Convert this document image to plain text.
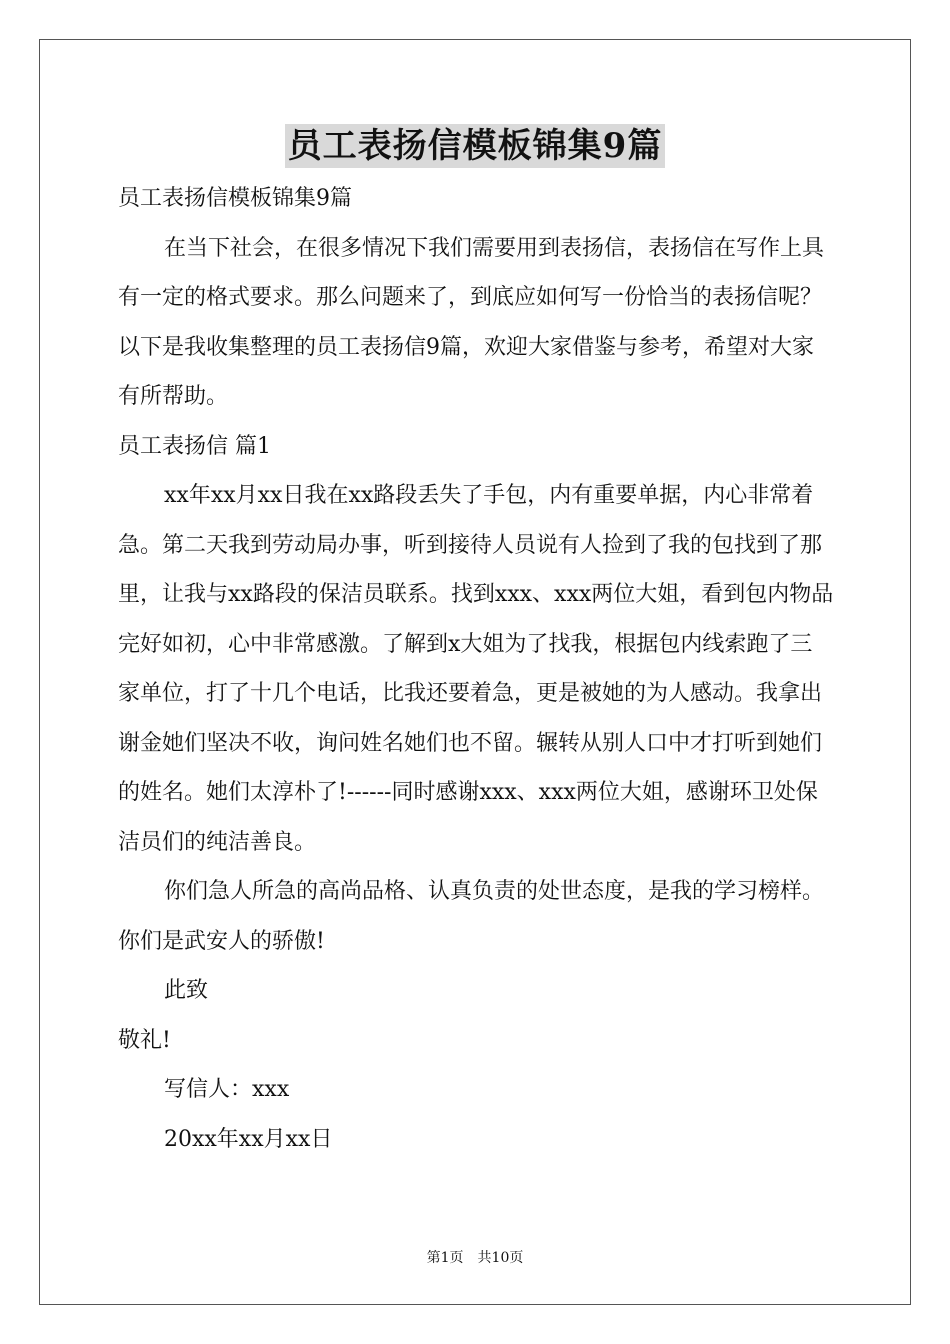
员工表扬信模板锦集9篇

员工表扬信模板锦集9篇

在当下社会，在很多情况下我们需要用到表扬信，表扬信在写作上具有一定的格式要求。那么问题来了，到底应如何写一份恰当的表扬信呢？以下是我收集整理的员工表扬信9篇，欢迎大家借鉴与参考，希望对大家有所帮助。

员工表扬信 篇1

xx年xx月xx日我在xx路段丢失了手包，内有重要单据，内心非常着急。第二天我到劳动局办事，听到接待人员说有人捡到了我的包找到了那里，让我与xx路段的保洁员联系。找到xxx、xxx两位大姐，看到包内物品完好如初，心中非常感激。了解到x大姐为了找我，根据包内线索跑了三家单位，打了十几个电话，比我还要着急，更是被她的为人感动。我拿出谢金她们坚决不收，询问姓名她们也不留。辗转从别人口中才打听到她们的姓名。她们太淳朴了!------同时感谢xxx、xxx两位大姐，感谢环卫处保洁员们的纯洁善良。

你们急人所急的高尚品格、认真负责的处世态度，是我的学习榜样。你们是武安人的骄傲!

此致

敬礼!

写信人：xxx

20xx年xx月xx日

第1页　共10页
